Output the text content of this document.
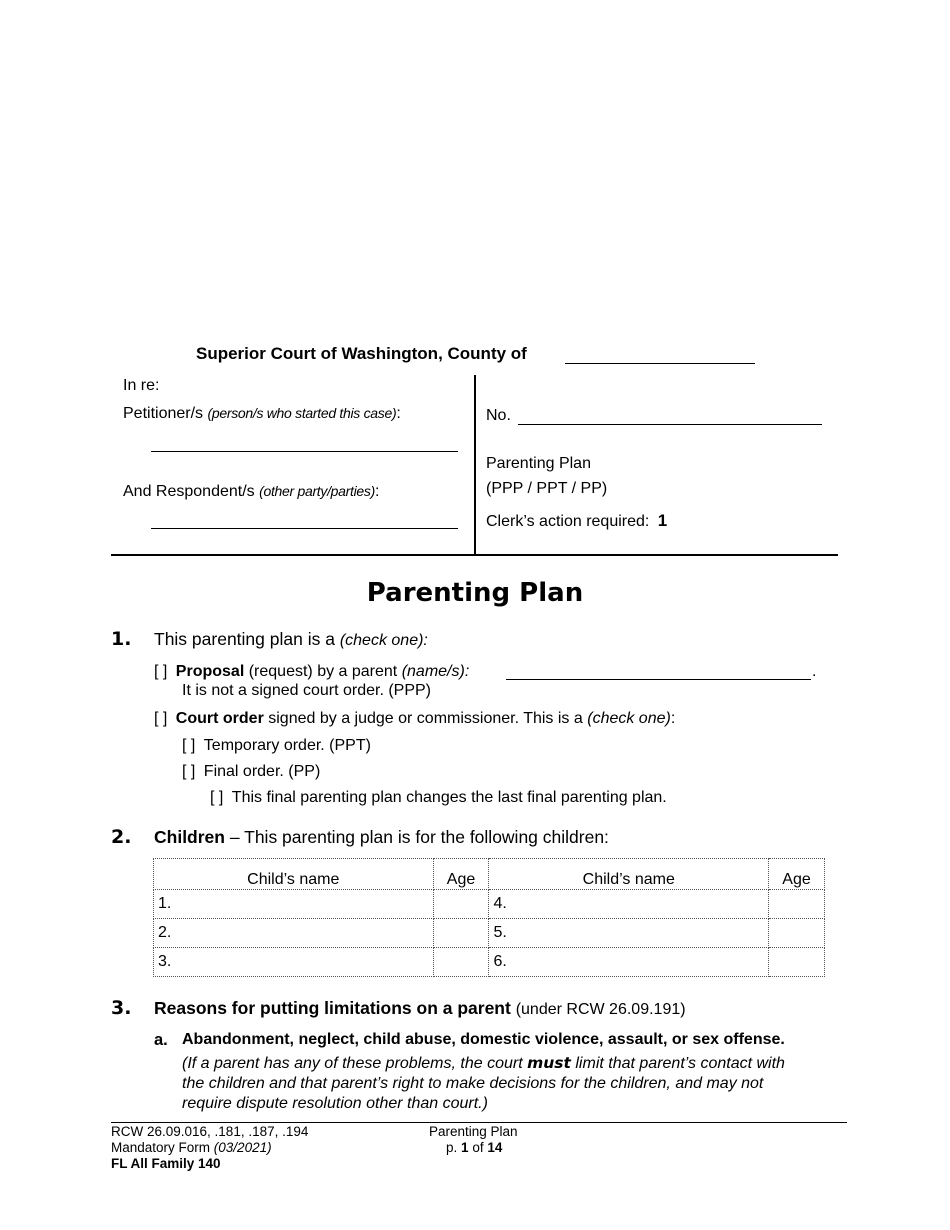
Superior Court of Washington, County of
In re:
Petitioner/s (person/s who started this case):
And Respondent/s (other party/parties):
No.
Parenting Plan
(PPP / PPT / PP)
Clerk’s action required: 1
Parenting Plan
1. This parenting plan is a (check one):
[ ] Proposal (request) by a parent (name/s):	.
It is not a signed court order. (PPP)
[ ] Court order signed by a judge or commissioner. This is a (check one):
[ ] Temporary order. (PPT)
[ ] Final order. (PP)
[ ] This final parenting plan changes the last final parenting plan.
2. Children – This parenting plan is for the following children:
Child’s name	Age	Child’s name	Age
1.		4.	
2.		5.	
3.		6.	
3. Reasons for putting limitations on a parent (under RCW 26.09.191)
a. Abandonment, neglect, child abuse, domestic violence, assault, or sex offense.
(If a parent has any of these problems, the court must limit that parent’s contact with
the children and that parent’s right to make decisions for the children, and may not
require dispute resolution other than court.)
RCW 26.09.016, .181, .187, .194
Mandatory Form (03/2021)
FL All Family 140
Parenting Plan
p. 1 of 14
